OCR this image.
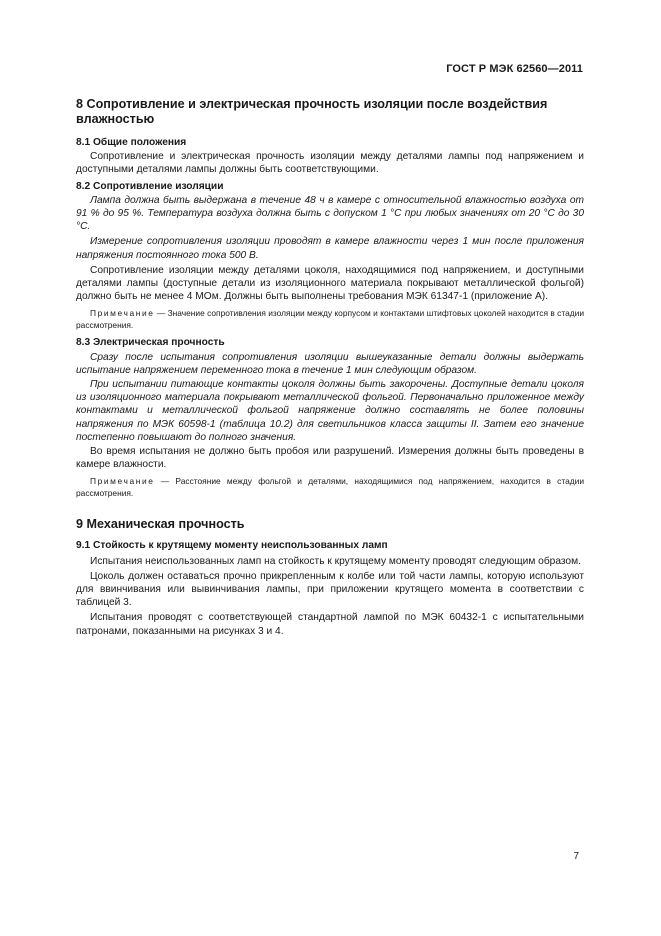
ГОСТ Р МЭК 62560—2011

8 Сопротивление и электрическая прочность изоляции после воздействия влажностью

8.1 Общие положения

Сопротивление и электрическая прочность изоляции между деталями лампы под напряжением и доступными деталями лампы должны быть соответствующими.

8.2 Сопротивление изоляции

Лампа должна быть выдержана в течение 48 ч в камере с относительной влажностью воздуха от 91 % до 95 %. Температура воздуха должна быть с допуском 1 °С при любых значениях от 20 °С до 30 °С.

Измерение сопротивления изоляции проводят в камере влажности через 1 мин после приложения напряжения постоянного тока 500 В.

Сопротивление изоляции между деталями цоколя, находящимися под напряжением, и доступными деталями лампы (доступные детали из изоляционного материала покрывают металлической фольгой) должно быть не менее 4 МОм. Должны быть выполнены требования МЭК 61347-1 (приложение А).

Примечание — Значение сопротивления изоляции между корпусом и контактами штифтовых цоколей находится в стадии рассмотрения.

8.3 Электрическая прочность

Сразу после испытания сопротивления изоляции вышеуказанные детали должны выдержать испытание напряжением переменного тока в течение 1 мин следующим образом.

При испытании питающие контакты цоколя должны быть закорочены. Доступные детали цоколя из изоляционного материала покрывают металлической фольгой. Первоначально приложенное между контактами и металлической фольгой напряжение должно составлять не более половины напряжения по МЭК 60598-1 (таблица 10.2) для светильников класса защиты II. Затем его значение постепенно повышают до полного значения.

Во время испытания не должно быть пробоя или разрушений. Измерения должны быть проведены в камере влажности.

Примечание — Расстояние между фольгой и деталями, находящимися под напряжением, находится в стадии рассмотрения.

9 Механическая прочность

9.1 Стойкость к крутящему моменту неиспользованных ламп

Испытания неиспользованных ламп на стойкость к крутящему моменту проводят следующим образом.

Цоколь должен оставаться прочно прикрепленным к колбе или той части лампы, которую используют для ввинчивания или вывинчивания лампы, при приложении крутящего момента в соответствии с таблицей 3.

Испытания проводят с соответствующей стандартной лампой по МЭК 60432-1 с испытательными патронами, показанными на рисунках 3 и 4.

7
